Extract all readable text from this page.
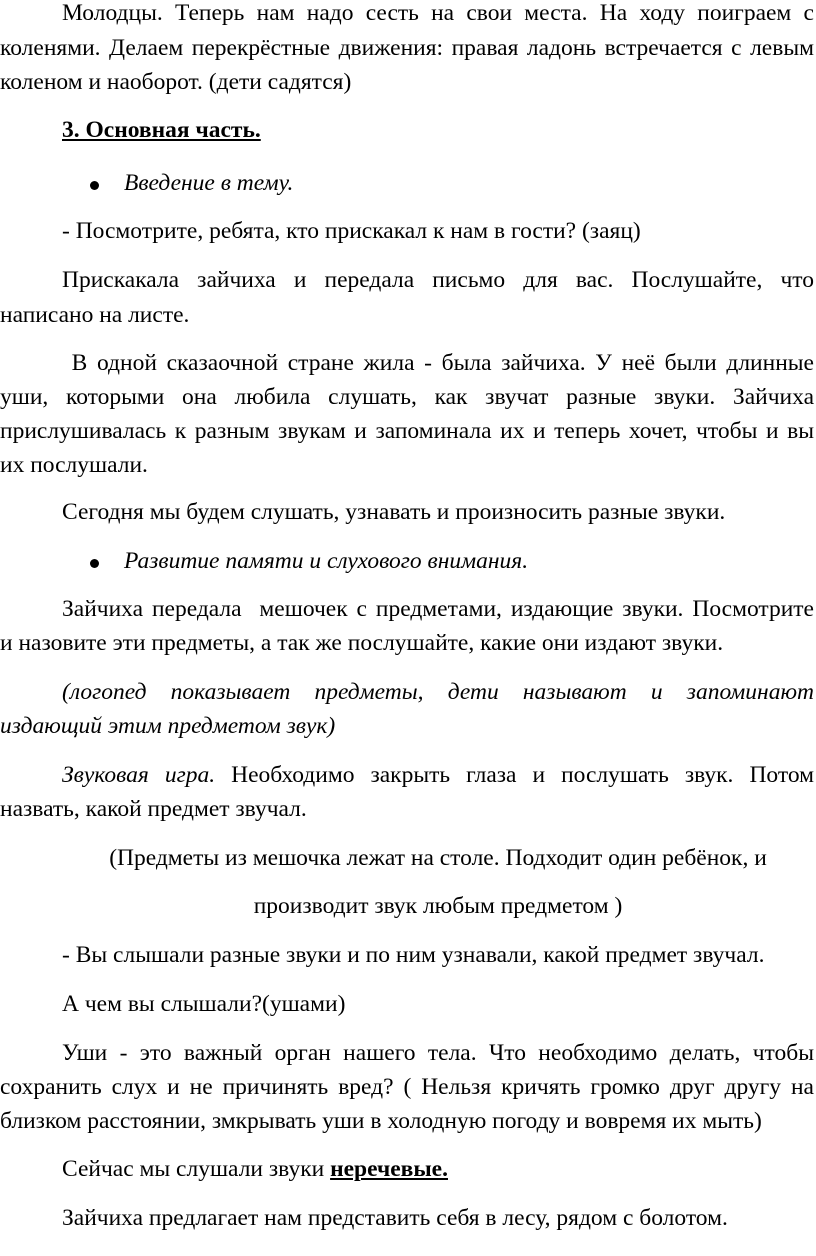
Молодцы. Теперь нам надо сесть на свои места. На ходу поиграем с

коленями. Делаем перекрёстные движения: правая ладонь встречается с левым

коленом и наоборот. (дети садятся)

3. Основная часть.

Введение в тему.

- Посмотрите, ребята, кто прискакал к нам в гости? (заяц)

Прискакала зайчиха и передала письмо для вас. Послушайте, что

написано на листе.

В одной сказаочной стране жила - была зайчиха. У неё были длинные

уши, которыми она любила слушать, как звучат разные звуки. Зайчиха

прислушивалась к разным звукам и запоминала их и теперь хочет, чтобы и вы

их послушали.

Сегодня мы будем слушать, узнавать и произносить разные звуки.

Развитие памяти и слухового внимания.

Зайчиха передала  мешочек с предметами, издающие звуки. Посмотрите

и назовите эти предметы, а так же послушайте, какие они издают звуки.

(логопед показывает предметы, дети называют и запоминают

издающий этим предметом звук)

Звуковая игра. Необходимо закрыть глаза и послушать звук. Потом

назвать, какой предмет звучал.

(Предметы из мешочка лежат на столе. Подходит один ребёнок, и

производит звук любым предметом )

- Вы слышали разные звуки и по ним узнавали, какой предмет звучал.

А чем вы слышали?(ушами)

Уши - это важный орган нашего тела. Что необходимо делать, чтобы

сохранить слух и не причинять вред? ( Нельзя кричять громко друг другу на

близком расстоянии, змкрывать уши в холодную погоду и вовремя их мыть)

Сейчас мы слушали звуки неречевые.

Зайчиха предлагает нам представить себя в лесу, рядом с болотом.
